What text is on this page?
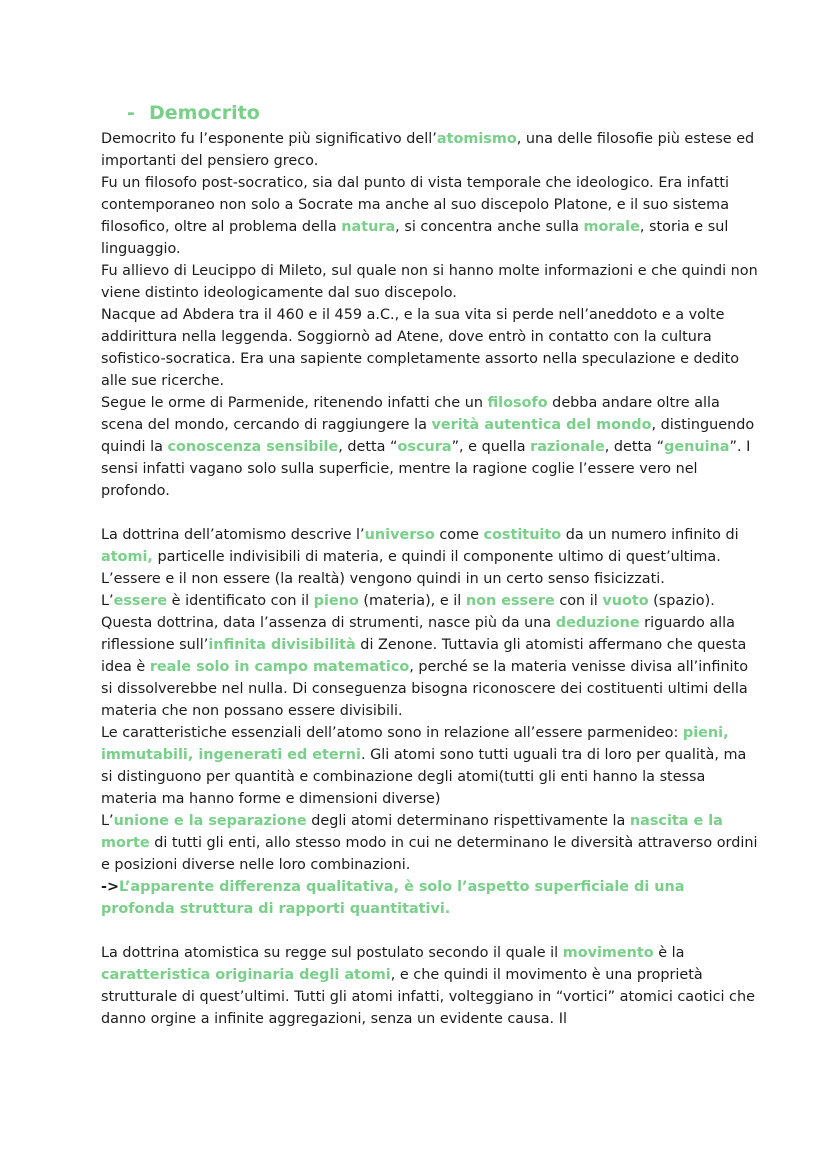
- Democrito

Democrito fu l’esponente più significativo dell’atomismo, una delle filosofie più estese ed importanti del pensiero greco.

Fu un filosofo post-socratico, sia dal punto di vista temporale che ideologico. Era infatti contemporaneo non solo a Socrate ma anche al suo discepolo Platone, e il suo sistema filosofico, oltre al problema della natura, si concentra anche sulla morale, storia e sul linguaggio.

Fu allievo di Leucippo di Mileto, sul quale non si hanno molte informazioni e che quindi non viene distinto ideologicamente dal suo discepolo.

Nacque ad Abdera tra il 460 e il 459 a.C., e la sua vita si perde nell’aneddoto e a volte addirittura nella leggenda. Soggiornò ad Atene, dove entrò in contatto con la cultura sofistico-socratica. Era una sapiente completamente assorto nella speculazione e dedito alle sue ricerche.

Segue le orme di Parmenide, ritenendo infatti che un filosofo debba andare oltre alla scena del mondo, cercando di raggiungere la verità autentica del mondo, distinguendo quindi la conoscenza sensibile, detta “oscura”, e quella razionale, detta “genuina”. I sensi infatti vagano solo sulla superficie, mentre la ragione coglie l’essere vero nel profondo.

La dottrina dell’atomismo descrive l’universo come costituito da un numero infinito di atomi, particelle indivisibili di materia, e quindi il componente ultimo di quest’ultima.

L’essere e il non essere (la realtà) vengono quindi in un certo senso fisicizzati.

L’essere è identificato con il pieno (materia), e il non essere con il vuoto (spazio). Questa dottrina, data l’assenza di strumenti, nasce più da una deduzione riguardo alla riflessione sull’infinita divisibilità di Zenone. Tuttavia gli atomisti affermano che questa idea è reale solo in campo matematico, perché se la materia venisse divisa all’infinito si dissolverebbe nel nulla. Di conseguenza bisogna riconoscere dei costituenti ultimi della materia che non possano essere divisibili.

Le caratteristiche essenziali dell’atomo sono in relazione all’essere parmenideo: pieni, immutabili, ingenerati ed eterni. Gli atomi sono tutti uguali tra di loro per qualità, ma si distinguono per quantità e combinazione degli atomi(tutti gli enti hanno la stessa materia ma hanno forme e dimensioni diverse)

L’unione e la separazione degli atomi determinano rispettivamente la nascita e la morte di tutti gli enti, allo stesso modo in cui ne determinano le diversità attraverso ordini e posizioni diverse nelle loro combinazioni.

->L’apparente differenza qualitativa, è solo l’aspetto superficiale di una profonda struttura di rapporti quantitativi.

La dottrina atomistica su regge sul postulato secondo il quale il movimento è la caratteristica originaria degli atomi, e che quindi il movimento è una proprietà strutturale di quest’ultimi. Tutti gli atomi infatti, volteggiano in “vortici” atomici caotici che danno orgine a infinite aggregazioni, senza un evidente causa. Il
